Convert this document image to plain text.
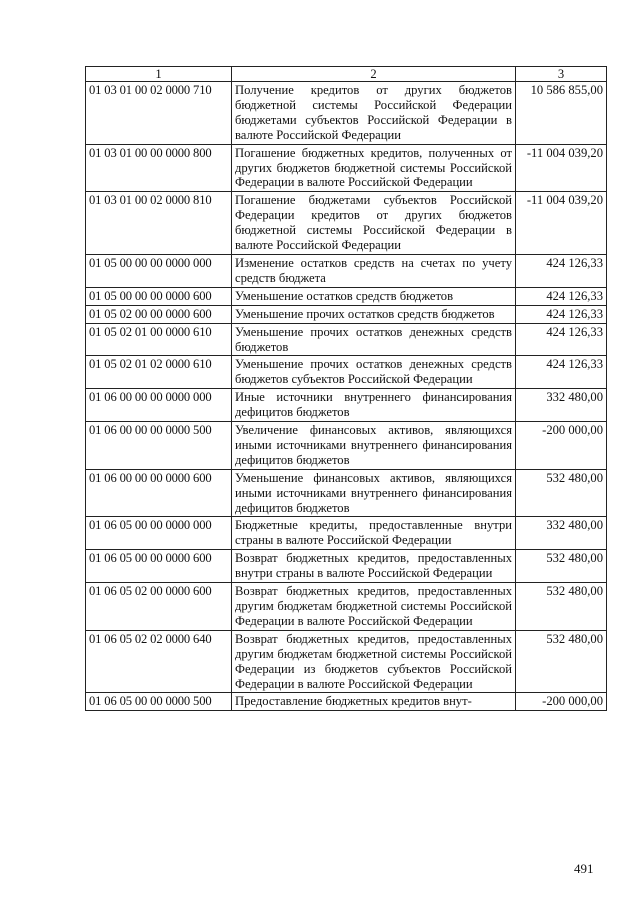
1	2	3
01 03 01 00 02 0000 710	Получение кредитов от других бюджетов бюджетной системы Российской Федерации бюджетами субъектов Российской Федерации в валюте Российской Федерации	10 586 855,00
01 03 01 00 00 0000 800	Погашение бюджетных кредитов, полученных от других бюджетов бюджетной системы Российской Федерации в валюте Российской Федерации	-11 004 039,20
01 03 01 00 02 0000 810	Погашение бюджетами субъектов Российской Федерации кредитов от других бюджетов бюджетной системы Российской Федерации в валюте Российской Федерации	-11 004 039,20
01 05 00 00 00 0000 000	Изменение остатков средств на счетах по учету средств бюджета	424 126,33
01 05 00 00 00 0000 600	Уменьшение остатков средств бюджетов	424 126,33
01 05 02 00 00 0000 600	Уменьшение прочих остатков средств бюджетов	424 126,33
01 05 02 01 00 0000 610	Уменьшение прочих остатков денежных средств бюджетов	424 126,33
01 05 02 01 02 0000 610	Уменьшение прочих остатков денежных средств бюджетов субъектов Российской Федерации	424 126,33
01 06 00 00 00 0000 000	Иные источники внутреннего финансирования дефицитов бюджетов	332 480,00
01 06 00 00 00 0000 500	Увеличение финансовых активов, являющихся иными источниками внутреннего финансирования дефицитов бюджетов	-200 000,00
01 06 00 00 00 0000 600	Уменьшение финансовых активов, являющихся иными источниками внутреннего финансирования дефицитов бюджетов	532 480,00
01 06 05 00 00 0000 000	Бюджетные кредиты, предоставленные внутри страны в валюте Российской Федерации	332 480,00
01 06 05 00 00 0000 600	Возврат бюджетных кредитов, предоставленных внутри страны в валюте Российской Федерации	532 480,00
01 06 05 02 00 0000 600	Возврат бюджетных кредитов, предоставленных другим бюджетам бюджетной системы Российской Федерации в валюте Российской Федерации	532 480,00
01 06 05 02 02 0000 640	Возврат бюджетных кредитов, предоставленных другим бюджетам бюджетной системы Российской Федерации из бюджетов субъектов Российской Федерации в валюте Российской Федерации	532 480,00
01 06 05 00 00 0000 500	Предоставление бюджетных кредитов внут-	-200 000,00
491
